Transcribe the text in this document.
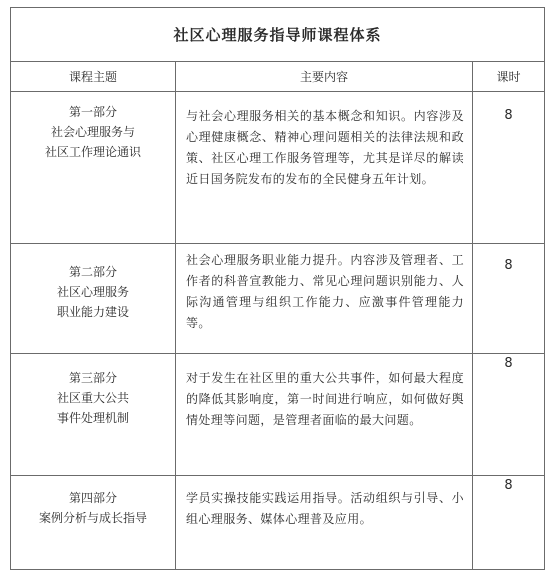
社区心理服务指导师课程体系		
课程主题	主要内容	课时

第一部分
社会心理服务与
社区工作理论通识	与社会心理服务相关的基本概念和知识。内容涉及 心理健康概念、精神心理问题相关的法律法规和政 策、社区心理工作服务管理等，尤其是详尽的解读 近日国务院发布的发布的全民健身五年计划。	8

第二部分
社区心理服务
职业能力建设	社会心理服务职业能力提升。内容涉及管理者、工 作者的科普宣教能力、常见心理问题识别能力、人 际沟通管理与组织工作能力、应激事件管理能力等。	8

第三部分
社区重大公共
事件处理机制	对于发生在社区里的重大公共事件，如何最大程度 的降低其影响度，第一时间进行响应，如何做好舆 情处理等问题，是管理者面临的最大问题。	8

第四部分
案例分析与成长指导	学员实操技能实践运用指导。活动组织与引导、小组心理服务、媒体心理普及应用。	8
